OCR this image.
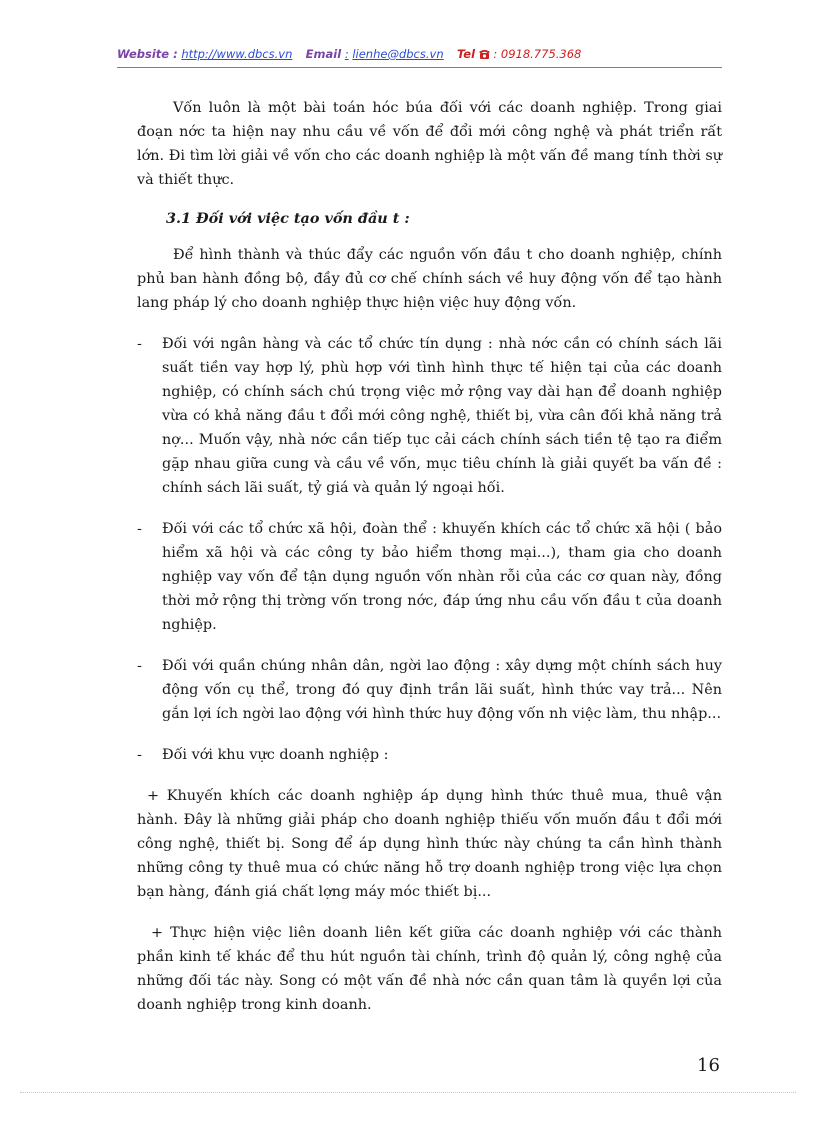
Website : http://www.dbcs.vn Email : lienhe@dbcs.vn Tel : 0918.775.368

Vốn luôn là một bài toán hóc búa đối với các doanh nghiệp. Trong giai đoạn nớc ta hiện nay nhu cầu về vốn để đổi mới công nghệ và phát triển rất lớn. Đi tìm lời giải về vốn cho các doanh nghiệp là một vấn đề mang tính thời sự và thiết thực.

3.1 Đối với việc tạo vốn đầu t :

Để hình thành và thúc đẩy các nguồn vốn đầu t cho doanh nghiệp, chính phủ ban hành đồng bộ, đầy đủ cơ chế chính sách về huy động vốn để tạo hành lang pháp lý cho doanh nghiệp thực hiện việc huy động vốn.

- Đối với ngân hàng và các tổ chức tín dụng : nhà nớc cần có chính sách lãi suất tiền vay hợp lý, phù hợp với tình hình thực tế hiện tại của các doanh nghiệp, có chính sách chú trọng việc mở rộng vay dài hạn để doanh nghiệp vừa có khả năng đầu t đổi mới công nghệ, thiết bị, vừa cân đối khả năng trả nợ... Muốn vậy, nhà nớc cần tiếp tục cải cách chính sách tiền tệ tạo ra điểm gặp nhau giữa cung và cầu về vốn, mục tiêu chính là giải quyết ba vấn đề : chính sách lãi suất, tỷ giá và quản lý ngoại hối.
- Đối với các tổ chức xã hội, đoàn thể : khuyến khích các tổ chức xã hội ( bảo hiểm xã hội và các công ty bảo hiểm thơng mại...), tham gia cho doanh nghiệp vay vốn để tận dụng nguồn vốn nhàn rỗi của các cơ quan này, đồng thời mở rộng thị trờng vốn trong nớc, đáp ứng nhu cầu vốn đầu t của doanh nghiệp.
- Đối với quần chúng nhân dân, ngời lao động : xây dựng một chính sách huy động vốn cụ thể, trong đó quy định trần lãi suất, hình thức vay trả... Nên gắn lợi ích ngời lao động với hình thức huy động vốn nh việc làm, thu nhập...
- Đối với khu vực doanh nghiệp :

+ Khuyến khích các doanh nghiệp áp dụng hình thức thuê mua, thuê vận hành. Đây là những giải pháp cho doanh nghiệp thiếu vốn muốn đầu t đổi mới công nghệ, thiết bị. Song để áp dụng hình thức này chúng ta cần hình thành những công ty thuê mua có chức năng hỗ trợ doanh nghiệp trong việc lựa chọn bạn hàng, đánh giá chất lợng máy móc thiết bị...

+ Thực hiện việc liên doanh liên kết giữa các doanh nghiệp với các thành phần kinh tế khác để thu hút nguồn tài chính, trình độ quản lý, công nghệ của những đối tác này. Song có một vấn đề nhà nớc cần quan tâm là quyền lợi của doanh nghiệp trong kinh doanh.

16
